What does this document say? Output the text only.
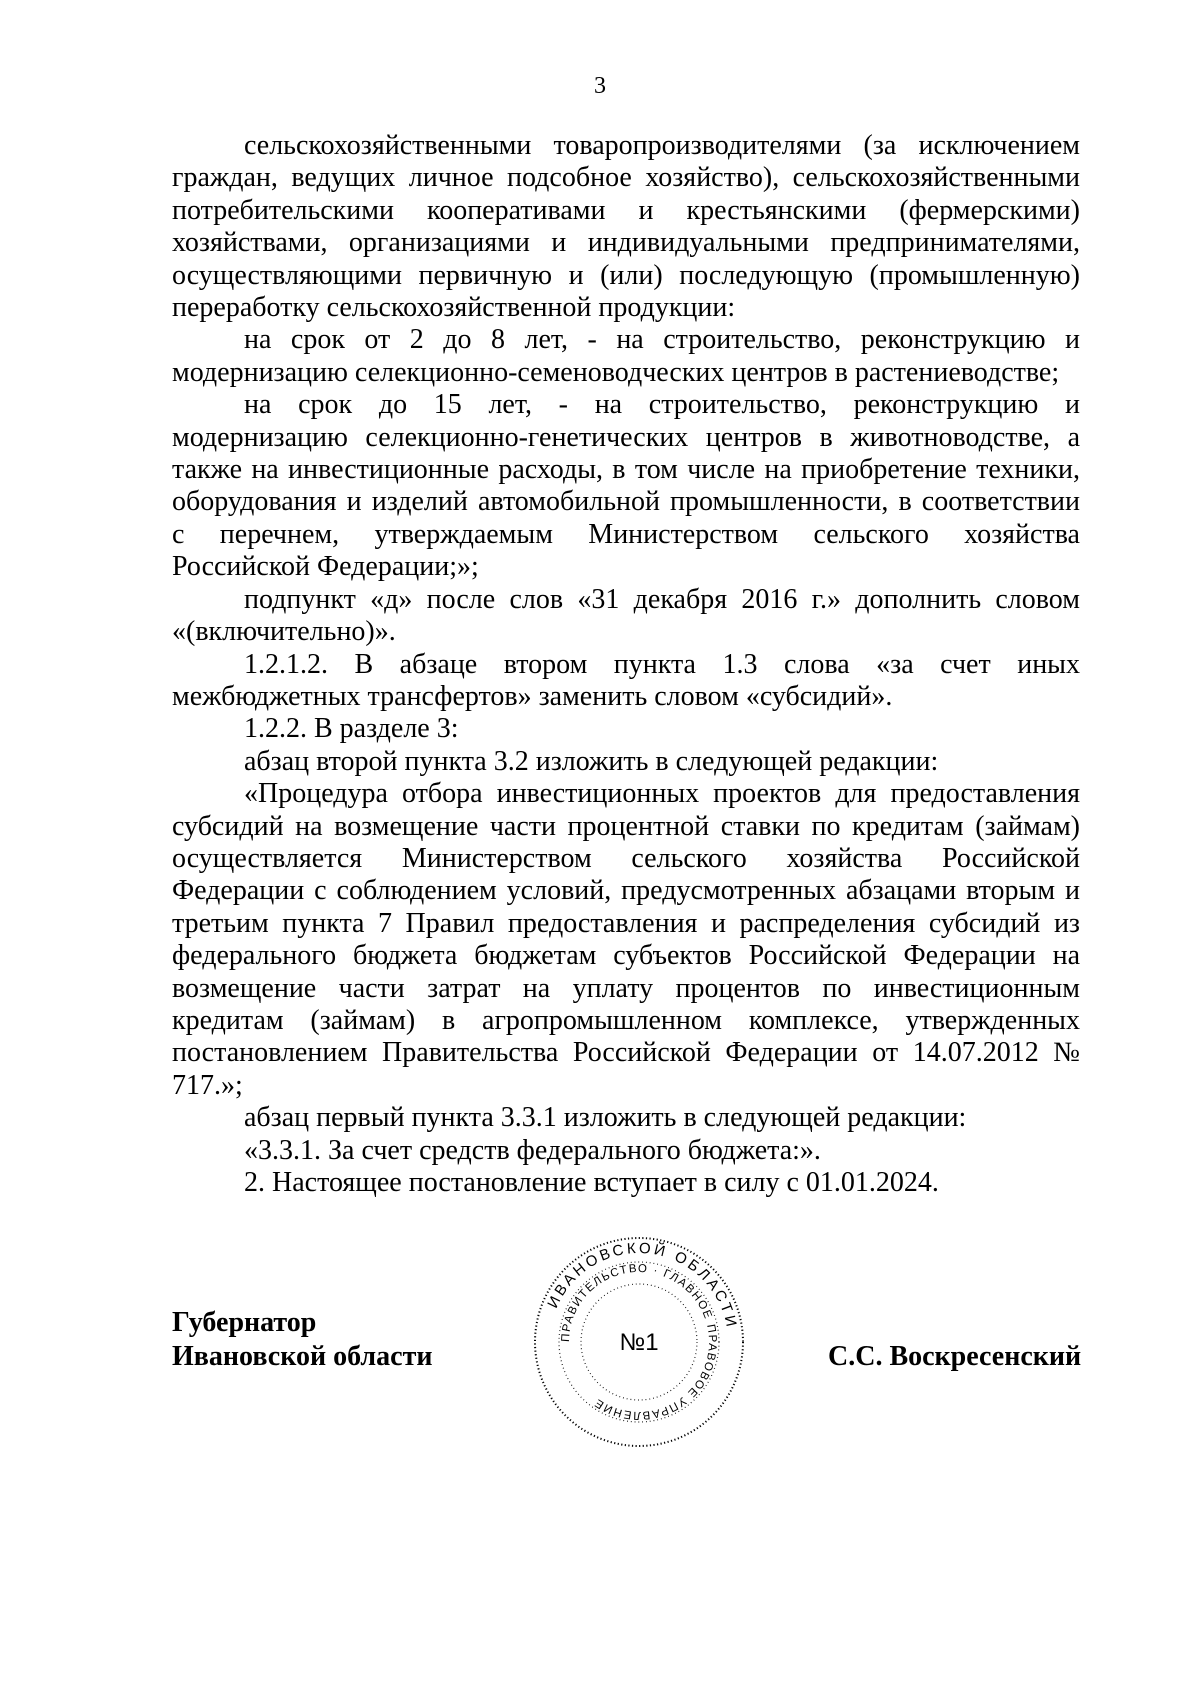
3

сельскохозяйственными товаропроизводителями (за исключением граждан, ведущих личное подсобное хозяйство), сельскохозяйственными потребительскими кооперативами и крестьянскими (фермерскими) хозяйствами, организациями и индивидуальными предпринимателями, осуществляющими первичную и (или) последующую (промышленную) переработку сельскохозяйственной продукции:

на срок от 2 до 8 лет, - на строительство, реконструкцию и модернизацию селекционно-семеноводческих центров в растениеводстве;

на срок до 15 лет, - на строительство, реконструкцию и модернизацию селекционно-генетических центров в животноводстве, а также на инвестиционные расходы, в том числе на приобретение техники, оборудования и изделий автомобильной промышленности, в соответствии с перечнем, утверждаемым Министерством сельского хозяйства Российской Федерации;»;

подпункт «д» после слов «31 декабря 2016 г.» дополнить словом «(включительно)».

1.2.1.2. В абзаце втором пункта 1.3 слова «за счет иных межбюджетных трансфертов» заменить словом «субсидий».

1.2.2. В разделе 3:

абзац второй пункта 3.2 изложить в следующей редакции:

«Процедура отбора инвестиционных проектов для предоставления субсидий на возмещение части процентной ставки по кредитам (займам) осуществляется Министерством сельского хозяйства Российской Федерации с соблюдением условий, предусмотренных абзацами вторым и третьим пункта 7 Правил предоставления и распределения субсидий из федерального бюджета бюджетам субъектов Российской Федерации на возмещение части затрат на уплату процентов по инвестиционным кредитам (займам) в агропромышленном комплексе, утвержденных постановлением Правительства Российской Федерации от 14.07.2012 № 717.»;

абзац первый пункта 3.3.1 изложить в следующей редакции:

«3.3.1. За счет средств федерального бюджета:».

2. Настоящее постановление вступает в силу с 01.01.2024.

Губернатор
Ивановской области	С.С. Воскресенский
ИВАНОВСКОЙ ОБЛАСТИ
ПРАВИТЕЛЬСТВО · ГЛАВНОЕ ПРАВОВОЕ УПРАВЛЕНИЕ
№1
